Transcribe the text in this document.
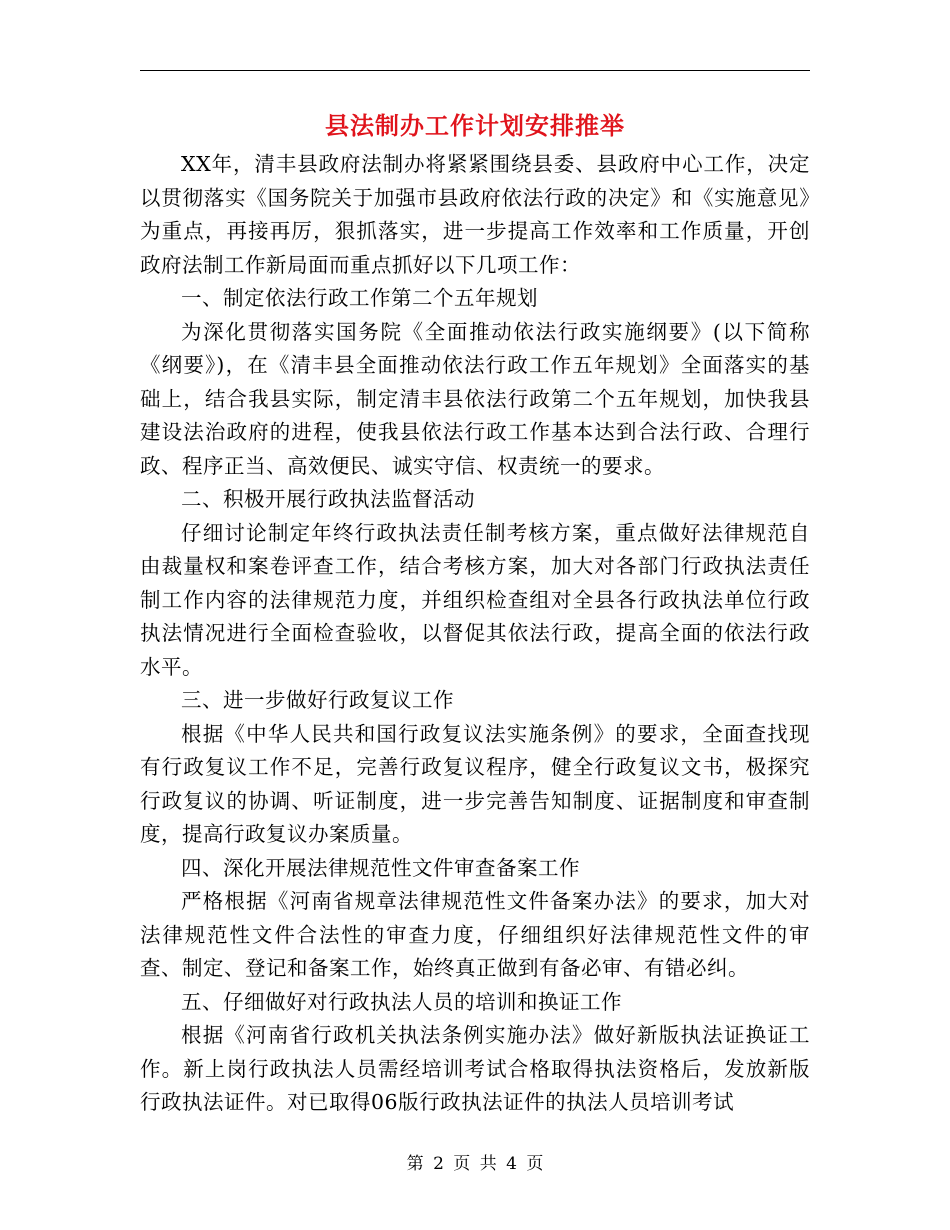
县法制办工作计划安排推举

XX年，清丰县政府法制办将紧紧围绕县委、县政府中心工作，决定以贯彻落实《国务院关于加强市县政府依法行政的决定》和《实施意见》为重点，再接再厉，狠抓落实，进一步提高工作效率和工作质量，开创政府法制工作新局面而重点抓好以下几项工作：

一、制定依法行政工作第二个五年规划

为深化贯彻落实国务院《全面推动依法行政实施纲要》(以下简称《纲要》)，在《清丰县全面推动依法行政工作五年规划》全面落实的基础上，结合我县实际，制定清丰县依法行政第二个五年规划，加快我县建设法治政府的进程，使我县依法行政工作基本达到合法行政、合理行政、程序正当、高效便民、诚实守信、权责统一的要求。

二、积极开展行政执法监督活动

仔细讨论制定年终行政执法责任制考核方案，重点做好法律规范自由裁量权和案卷评查工作，结合考核方案，加大对各部门行政执法责任制工作内容的法律规范力度，并组织检查组对全县各行政执法单位行政执法情况进行全面检查验收，以督促其依法行政，提高全面的依法行政水平。

三、进一步做好行政复议工作

根据《中华人民共和国行政复议法实施条例》的要求，全面查找现有行政复议工作不足，完善行政复议程序，健全行政复议文书，极探究行政复议的协调、听证制度，进一步完善告知制度、证据制度和审查制度，提高行政复议办案质量。

四、深化开展法律规范性文件审查备案工作

严格根据《河南省规章法律规范性文件备案办法》的要求，加大对法律规范性文件合法性的审查力度，仔细组织好法律规范性文件的审查、制定、登记和备案工作，始终真正做到有备必审、有错必纠。

五、仔细做好对行政执法人员的培训和换证工作

根据《河南省行政机关执法条例实施办法》做好新版执法证换证工作。新上岗行政执法人员需经培训考试合格取得执法资格后，发放新版行政执法证件。对已取得06版行政执法证件的执法人员培训考试

第 2 页 共 4 页
